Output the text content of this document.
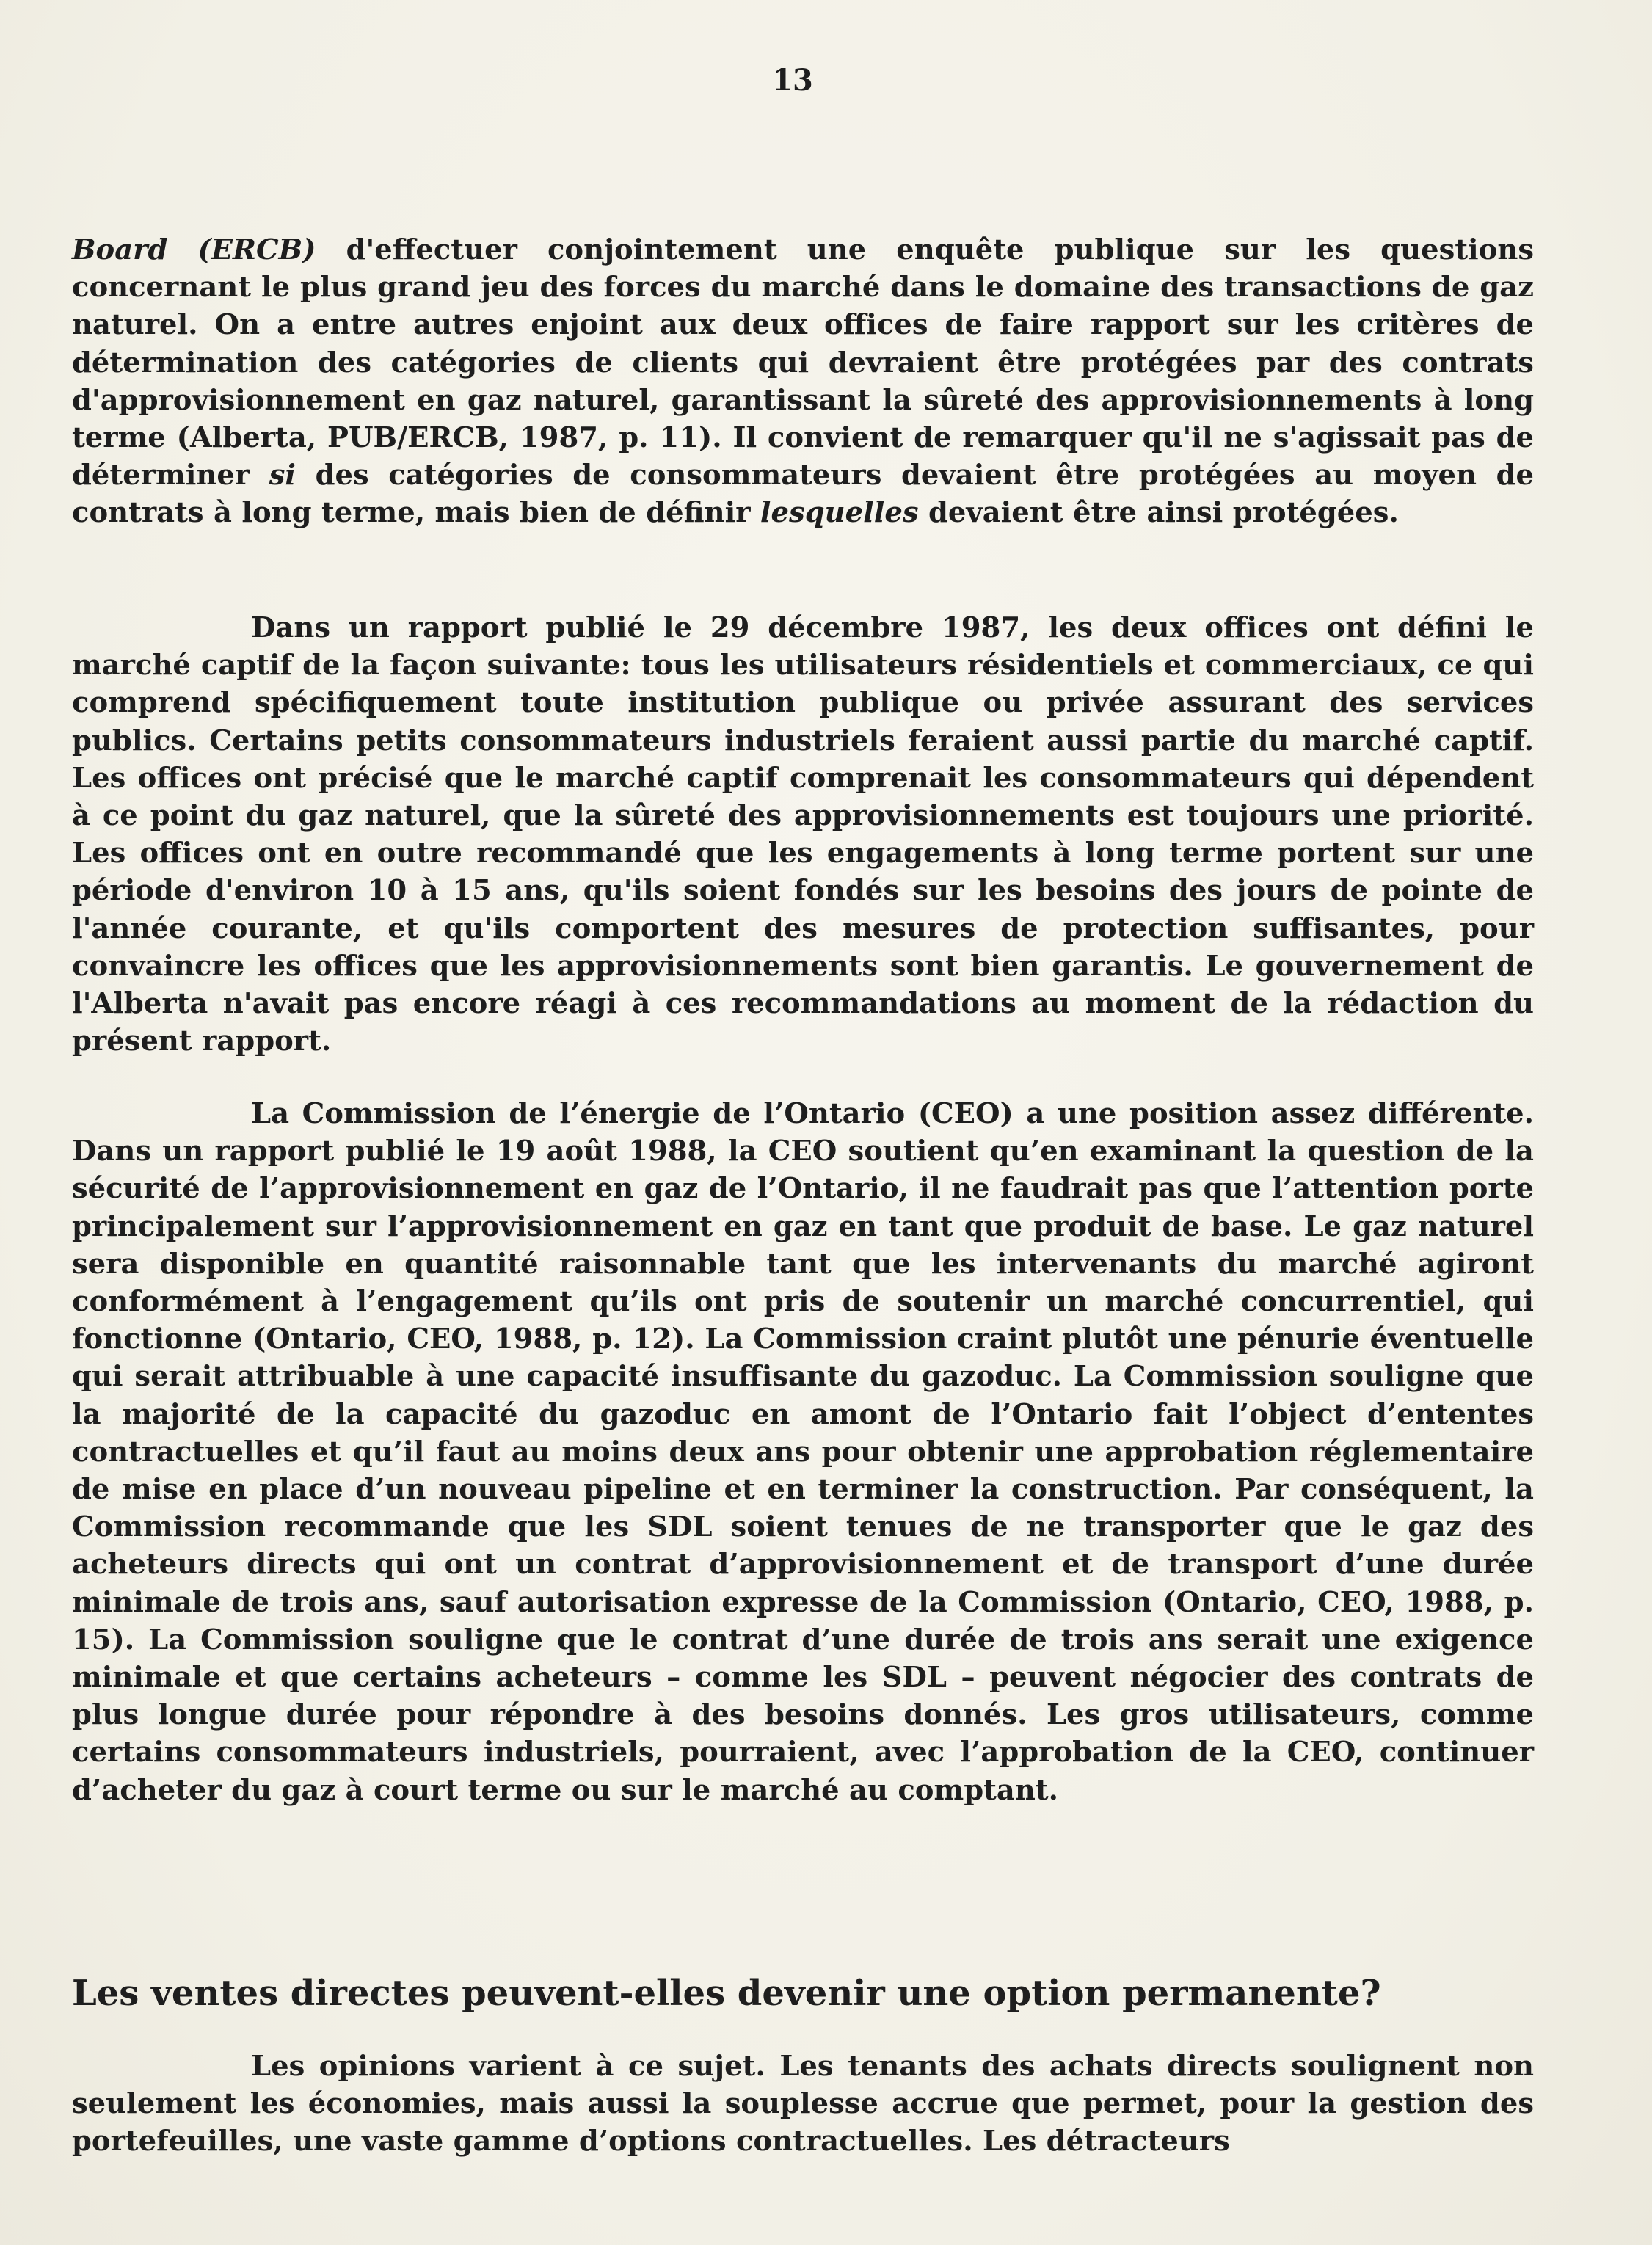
13

Board (ERCB) d'effectuer conjointement une enquête publique sur les questions concernant le plus grand jeu des forces du marché dans le domaine des transactions de gaz naturel. On a entre autres enjoint aux deux offices de faire rapport sur les critères de détermination des catégories de clients qui devraient être protégées par des contrats d'approvisionnement en gaz naturel, garantissant la sûreté des approvisionnements à long terme (Alberta, PUB/ERCB, 1987, p. 11). Il convient de remarquer qu'il ne s'agissait pas de déterminer si des catégories de consommateurs devaient être protégées au moyen de contrats à long terme, mais bien de définir lesquelles devaient être ainsi protégées.

Dans un rapport publié le 29 décembre 1987, les deux offices ont défini le marché captif de la façon suivante: tous les utilisateurs résidentiels et commerciaux, ce qui comprend spécifiquement toute institution publique ou privée assurant des services publics. Certains petits consommateurs industriels feraient aussi partie du marché captif. Les offices ont précisé que le marché captif comprenait les consommateurs qui dépendent à ce point du gaz naturel, que la sûreté des approvisionnements est toujours une priorité. Les offices ont en outre recommandé que les engagements à long terme portent sur une période d'environ 10 à 15 ans, qu'ils soient fondés sur les besoins des jours de pointe de l'année courante, et qu'ils comportent des mesures de protection suffisantes, pour convaincre les offices que les approvisionnements sont bien garantis. Le gouvernement de l'Alberta n'avait pas encore réagi à ces recommandations au moment de la rédaction du présent rapport.

La Commission de l’énergie de l’Ontario (CEO) a une position assez différente. Dans un rapport publié le 19 août 1988, la CEO soutient qu’en examinant la question de la sécurité de l’approvisionnement en gaz de l’Ontario, il ne faudrait pas que l’attention porte principalement sur l’approvisionnement en gaz en tant que produit de base. Le gaz naturel sera disponible en quantité raisonnable tant que les intervenants du marché agiront conformément à l’engagement qu’ils ont pris de soutenir un marché concurrentiel, qui fonctionne (Ontario, CEO, 1988, p. 12). La Commission craint plutôt une pénurie éventuelle qui serait attribuable à une capacité insuffisante du gazoduc. La Commission souligne que la majorité de la capacité du gazoduc en amont de l’Ontario fait l’object d’ententes contractuelles et qu’il faut au moins deux ans pour obtenir une approbation réglementaire de mise en place d’un nouveau pipeline et en terminer la construction. Par conséquent, la Commission recommande que les SDL soient tenues de ne transporter que le gaz des acheteurs directs qui ont un contrat d’approvisionnement et de transport d’une durée minimale de trois ans, sauf autorisation expresse de la Commission (Ontario, CEO, 1988, p. 15). La Commission souligne que le contrat d’une durée de trois ans serait une exigence minimale et que certains acheteurs – comme les SDL – peuvent négocier des contrats de plus longue durée pour répondre à des besoins donnés. Les gros utilisateurs, comme certains consommateurs industriels, pourraient, avec l’approbation de la CEO, continuer d’acheter du gaz à court terme ou sur le marché au comptant.

Les ventes directes peuvent-elles devenir une option permanente?

Les opinions varient à ce sujet. Les tenants des achats directs soulignent non seulement les économies, mais aussi la souplesse accrue que permet, pour la gestion des portefeuilles, une vaste gamme d’options contractuelles. Les détracteurs
